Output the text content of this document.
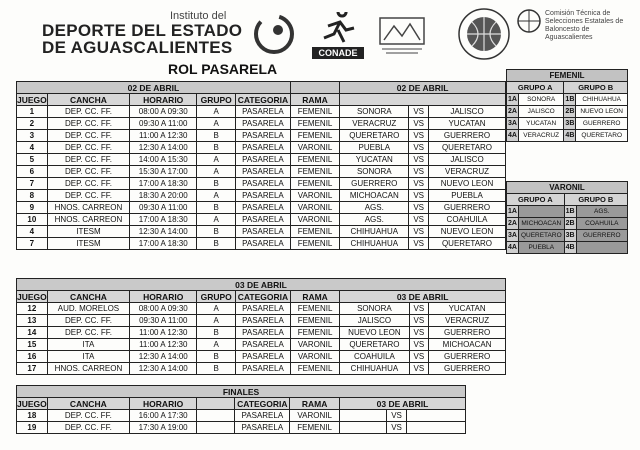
Instituto del
DEPORTE DEL ESTADO
DE AGUASCALIENTES	CONADE
Comisión Técnica de Selecciones Estatales de Baloncesto de Aguascalientes
ROL PASARELA
02 DE ABRIL						02 DE ABRIL		
JUEGO	CANCHA	HORARIO	GRUPO	CATEGORIA	RAMA			
1	DEP. CC. FF.	08:00 A 09:30	A	PASARELA	FEMENIL	SONORA	VS	JALISCO
2	DEP. CC. FF.	09:30 A 11:00	A	PASARELA	FEMENIL	VERACRUZ	VS	YUCATAN
3	DEP. CC. FF.	11:00 A 12:30	B	PASARELA	FEMENIL	QUERETARO	VS	GUERRERO
4	DEP. CC. FF.	12:30 A 14:00	B	PASARELA	VARONIL	PUEBLA	VS	QUERETARO
5	DEP. CC. FF.	14:00 A 15:30	A	PASARELA	FEMENIL	YUCATAN	VS	JALISCO
6	DEP. CC. FF.	15:30 A 17:00	A	PASARELA	FEMENIL	SONORA	VS	VERACRUZ
7	DEP. CC. FF.	17:00 A 18:30	B	PASARELA	FEMENIL	GUERRERO	VS	NUEVO LEON
8	DEP. CC. FF.	18:30 A 20:00	A	PASARELA	VARONIL	MICHOACAN	VS	PUEBLA
9	HNOS. CARREON	09:30 A 11:00	B	PASARELA	VARONIL	AGS.	VS	GUERRERO
10	HNOS. CARREON	17:00 A 18:30	A	PASARELA	VARONIL	AGS.	VS	COAHUILA
4	ITESM	12:30 A 14:00	B	PASARELA	FEMENIL	CHIHUAHUA	VS	NUEVO LEON
7	ITESM	17:00 A 18:30	B	PASARELA	FEMENIL	CHIHUAHUA	VS	QUERETARO
03 DE ABRIL								
JUEGO	CANCHA	HORARIO	GRUPO	CATEGORIA	RAMA	03 DE ABRIL		
12	AUD. MORELOS	08:00 A 09:30	A	PASARELA	FEMENIL	SONORA	VS	YUCATAN
13	DEP. CC. FF.	09:30 A 11:00	A	PASARELA	FEMENIL	JALISCO	VS	VERACRUZ
14	DEP. CC. FF.	11:00 A 12:30	B	PASARELA	FEMENIL	NUEVO LEON	VS	GUERRERO
15	ITA	11:00 A 12:30	A	PASARELA	VARONIL	QUERETARO	VS	MICHOACAN
16	ITA	12:30 A 14:00	B	PASARELA	VARONIL	COAHUILA	VS	GUERRERO
17	HNOS. CARREON	12:30 A 14:00	B	PASARELA	FEMENIL	CHIHUAHUA	VS	GUERRERO
FINALES								
JUEGO	CANCHA	HORARIO		CATEGORIA	RAMA	03 DE ABRIL		
18	DEP. CC. FF.	16:00 A 17:30		PASARELA	VARONIL		VS	
19	DEP. CC. FF.	17:30 A 19:00		PASARELA	FEMENIL		VS	
FEMENIL			
GRUPO A		GRUPO B	
1A	SONORA	1B	CHIHUAHUA
2A	JALISCO	2B	NUEVO LEON
3A	YUCATAN	3B	GUERRERO
4A	VERACRUZ	4B	QUERETARO
VARONIL			
GRUPO A		GRUPO B	
1A		1B	AGS.
2A	MICHOACAN	2B	COAHUILA
3A	QUERETARO	3B	GUERRERO
4A	PUEBLA	4B	
